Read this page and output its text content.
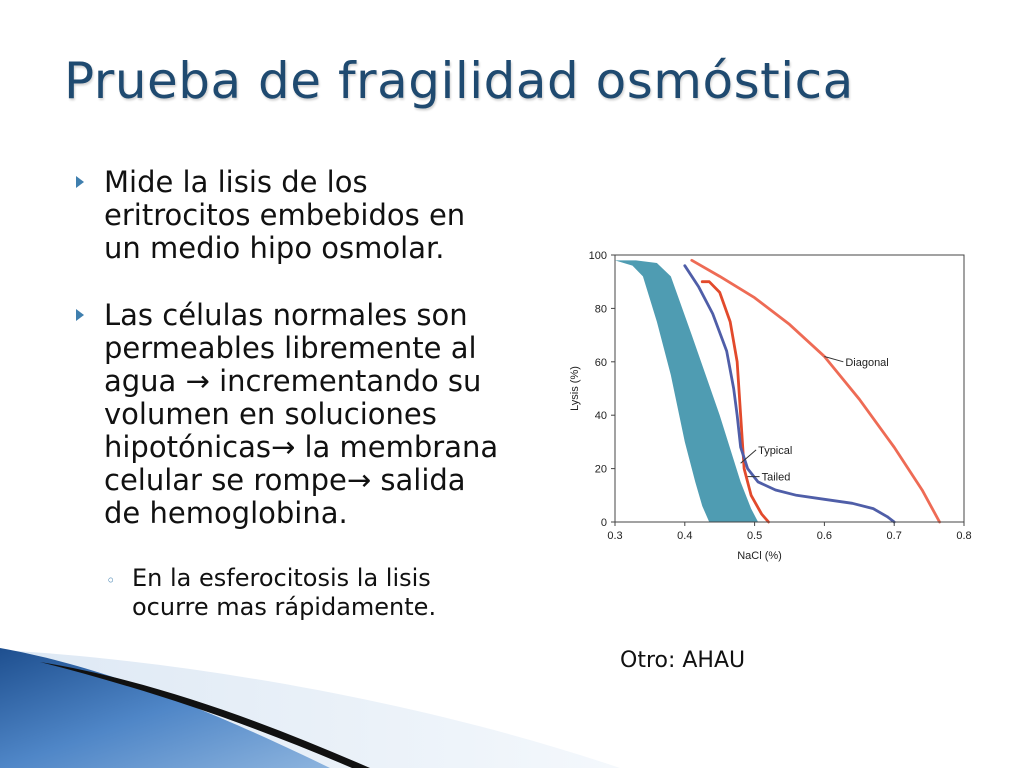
Prueba de fragilidad osmóstica
Mide la lisis de los
eritrocitos embebidos en
un medio hipo osmolar.
Las células normales son
permeables libremente al
agua → incrementando su
volumen en soluciones
hipotónicas→ la membrana
celular se rompe→ salida
de hemoglobina.
◦ En la esferocitosis la lisis
ocurre mas rápidamente.
0.3	0.4	0.5	0.6	0.7	0.8
0
20
40
60
80
100
NaCl (%)
Lysis (%)
Diagonal
Typical
Tailed
Otro: AHAU
